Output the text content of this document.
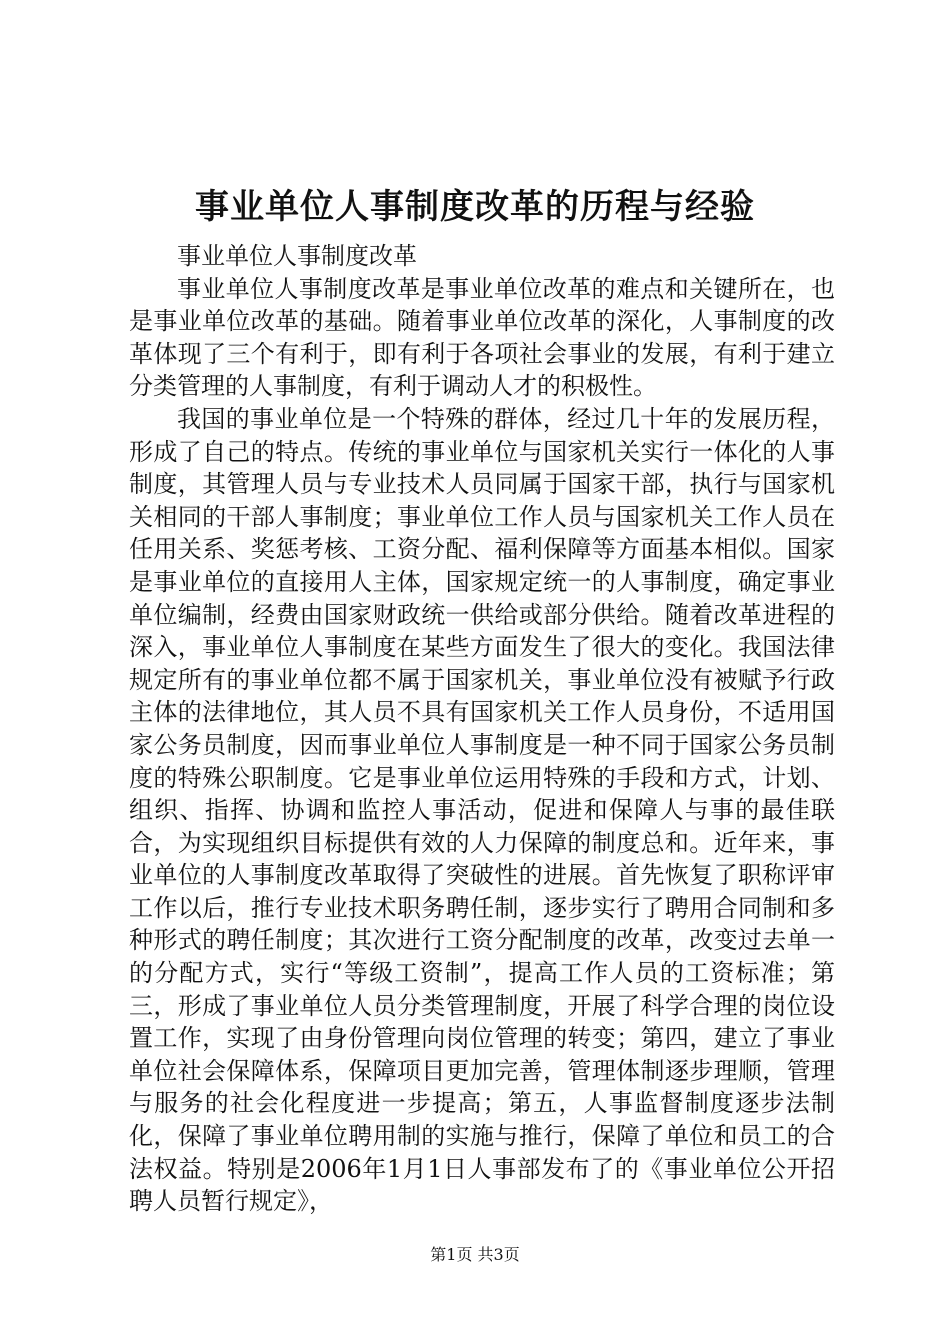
事业单位人事制度改革的历程与经验

事业单位人事制度改革

事业单位人事制度改革是事业单位改革的难点和关键所在，也是事业单位改革的基础。随着事业单位改革的深化，人事制度的改革体现了三个有利于，即有利于各项社会事业的发展，有利于建立分类管理的人事制度，有利于调动人才的积极性。

我国的事业单位是一个特殊的群体，经过几十年的发展历程，形成了自己的特点。传统的事业单位与国家机关实行一体化的人事制度，其管理人员与专业技术人员同属于国家干部，执行与国家机关相同的干部人事制度；事业单位工作人员与国家机关工作人员在任用关系、奖惩考核、工资分配、福利保障等方面基本相似。国家是事业单位的直接用人主体，国家规定统一的人事制度，确定事业单位编制，经费由国家财政统一供给或部分供给。随着改革进程的深入，事业单位人事制度在某些方面发生了很大的变化。我国法律规定所有的事业单位都不属于国家机关，事业单位没有被赋予行政主体的法律地位，其人员不具有国家机关工作人员身份，不适用国家公务员制度，因而事业单位人事制度是一种不同于国家公务员制度的特殊公职制度。它是事业单位运用特殊的手段和方式，计划、组织、指挥、协调和监控人事活动，促进和保障人与事的最佳联合，为实现组织目标提供有效的人力保障的制度总和。近年来，事业单位的人事制度改革取得了突破性的进展。首先恢复了职称评审工作以后，推行专业技术职务聘任制，逐步实行了聘用合同制和多种形式的聘任制度；其次进行工资分配制度的改革，改变过去单一的分配方式，实行“等级工资制”，提高工作人员的工资标准；第三，形成了事业单位人员分类管理制度，开展了科学合理的岗位设置工作，实现了由身份管理向岗位管理的转变；第四，建立了事业单位社会保障体系，保障项目更加完善，管理体制逐步理顺，管理与服务的社会化程度进一步提高；第五，人事监督制度逐步法制化，保障了事业单位聘用制的实施与推行，保障了单位和员工的合法权益。特别是2006年1月1日人事部发布了的《事业单位公开招聘人员暂行规定》，

第1页 共3页
